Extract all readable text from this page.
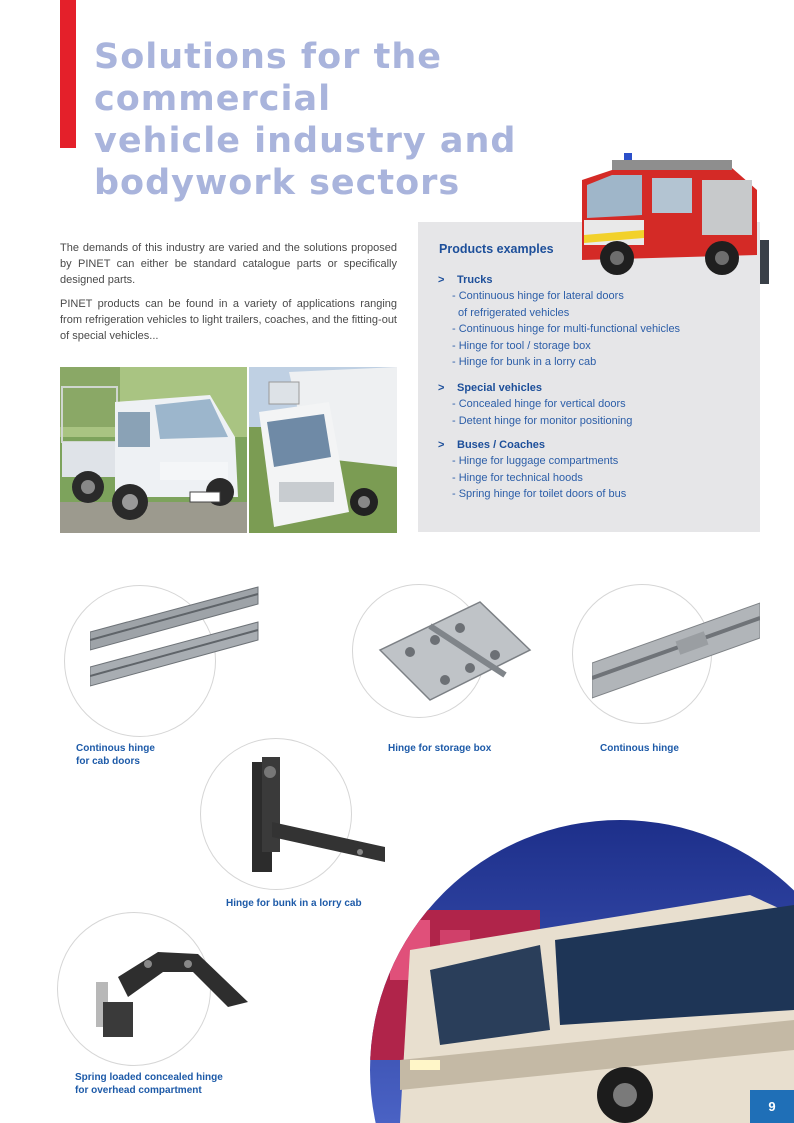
Solutions for the commercial
vehicle industry and
bodywork sectors

The demands of this industry are varied and the solutions proposed by PINET can either be standard catalogue parts or specifically designed parts.

PINET products can be found in a variety of applications ranging from refrigeration vehicles to light trailers, coaches, and the fitting-out of special vehicles...

Products examples
> Trucks
- Continuous hinge for lateral doors
of refrigerated vehicles
- Continuous hinge for multi-functional vehicles
- Hinge for tool / storage box
- Hinge for bunk in a lorry cab
> Special vehicles
- Concealed hinge for vertical doors
- Detent hinge for monitor positioning
> Buses / Coaches
- Hinge for luggage compartments
- Hinge for technical hoods
- Spring hinge for toilet doors of bus
Continous hinge
for cab doors
Hinge for storage box	Continous hinge
Hinge for bunk in a lorry cab
Spring loaded concealed hinge
for overhead compartment
9
